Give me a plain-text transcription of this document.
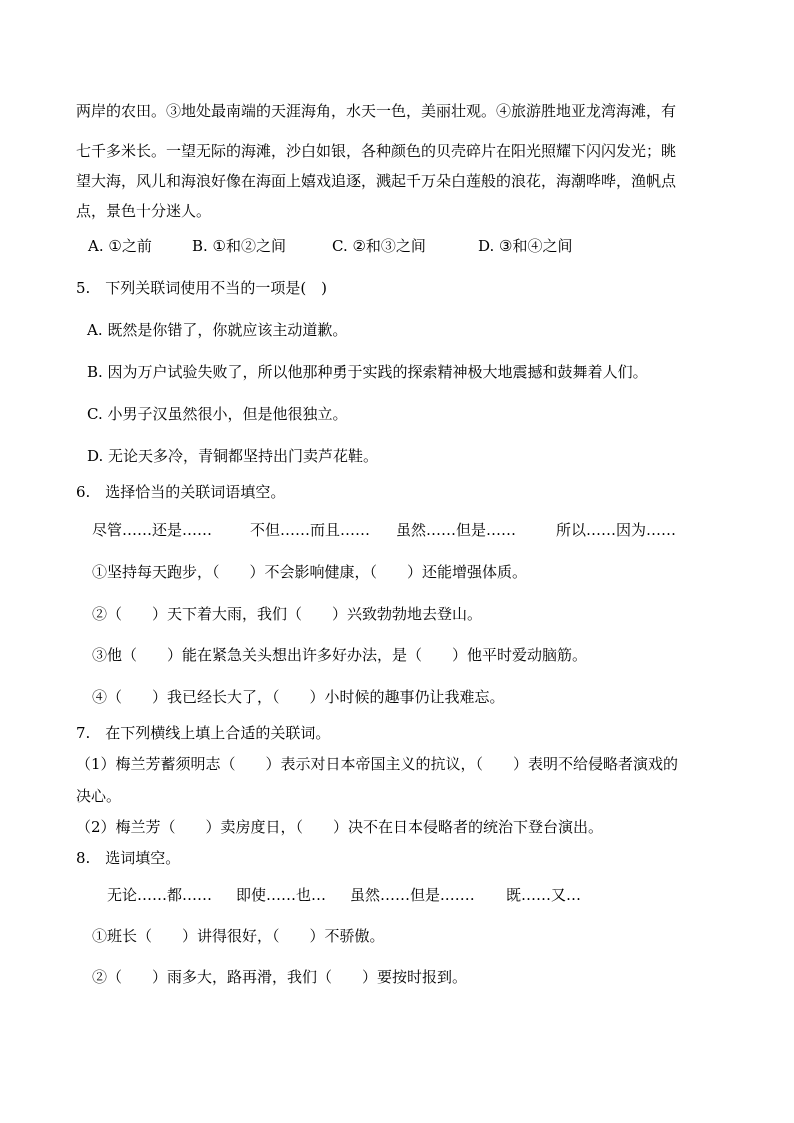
两岸的农田。③地处最南端的天涯海角，水天一色，美丽壮观。④旅游胜地亚龙湾海滩，有
七千多米长。一望无际的海滩，沙白如银，各种颜色的贝壳碎片在阳光照耀下闪闪发光；眺
望大海，风儿和海浪好像在海面上嬉戏追逐，溅起千万朵白莲般的浪花，海潮哗哗，渔帆点
点，景色十分迷人。
A. ①之前	B. ①和②之间	C. ②和③之间	D. ③和④之间
5.　下列关联词使用不当的一项是(　)
A. 既然是你错了，你就应该主动道歉。
B. 因为万户试验失败了，所以他那种勇于实践的探索精神极大地震撼和鼓舞着人们。
C. 小男子汉虽然很小，但是他很独立。
D. 无论天多冷，青铜都坚持出门卖芦花鞋。
6.　选择恰当的关联词语填空。
尽管……还是……	不但……而且…… 虽然……但是……	所以……因为……
①坚持每天跑步，（　　）不会影响健康，（　　）还能增强体质。
②（　　）天下着大雨，我们（　　）兴致勃勃地去登山。
③他（　　）能在紧急关头想出许多好办法，是（　　）他平时爱动脑筋。
④（　　）我已经长大了，（　　）小时候的趣事仍让我难忘。
7.　在下列横线上填上合适的关联词。
（1）梅兰芳蓄须明志（　　）表示对日本帝国主义的抗议，（　　）表明不给侵略者演戏的
决心。
（2）梅兰芳（　　）卖房度日，（　　）决不在日本侵略者的统治下登台演出。
8.　选词填空。
无论……都…… 即使……也… 虽然……但是.…… 既……又…
①班长（　　）讲得很好，（　　）不骄傲。
②（　　）雨多大，路再滑，我们（　　）要按时报到。
